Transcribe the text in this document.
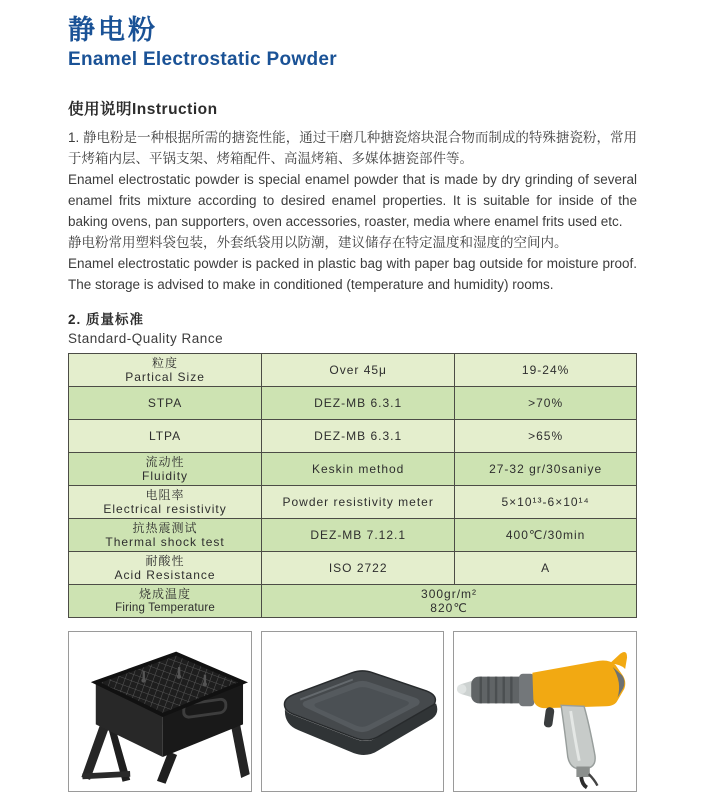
静电粉
Enamel Electrostatic Powder
使用说明Instruction

1. 静电粉是一种根据所需的搪瓷性能，通过干磨几种搪瓷熔块混合物而制成的特殊搪瓷粉，常用于烤箱内层、平锅支架、烤箱配件、高温烤箱、多媒体搪瓷部件等。

Enamel electrostatic powder is special enamel powder that is made by dry grinding of several enamel frits mixture according to desired enamel properties. It is suitable for inside of the baking ovens, pan supporters, oven accessories, roaster, media where enamel frits used etc.

静电粉常用塑料袋包装，外套纸袋用以防潮，建议储存在特定温度和湿度的空间内。

Enamel electrostatic powder is packed in plastic bag with paper bag outside for moisture proof. The storage is advised to make in conditioned (temperature and humidity) rooms.

2. 质量标准
Standard-Quality Rance
粒度
Partical Size	Over 45μ	19-24%
STPA	DEZ-MB 6.3.1	>70%
LTPA	DEZ-MB 6.3.1	>65%

流动性
Fluidity	Keskin method	27-32 gr/30saniye

电阻率
Electrical resistivity	Powder resistivity meter	5×10¹³-6×10¹⁴

抗热震测试
Thermal shock test	DEZ-MB 7.12.1	400℃/30min

耐酸性
Acid Resistance	ISO 2722	A

烧成温度
Firing Temperature	300gr/m²
820℃	
